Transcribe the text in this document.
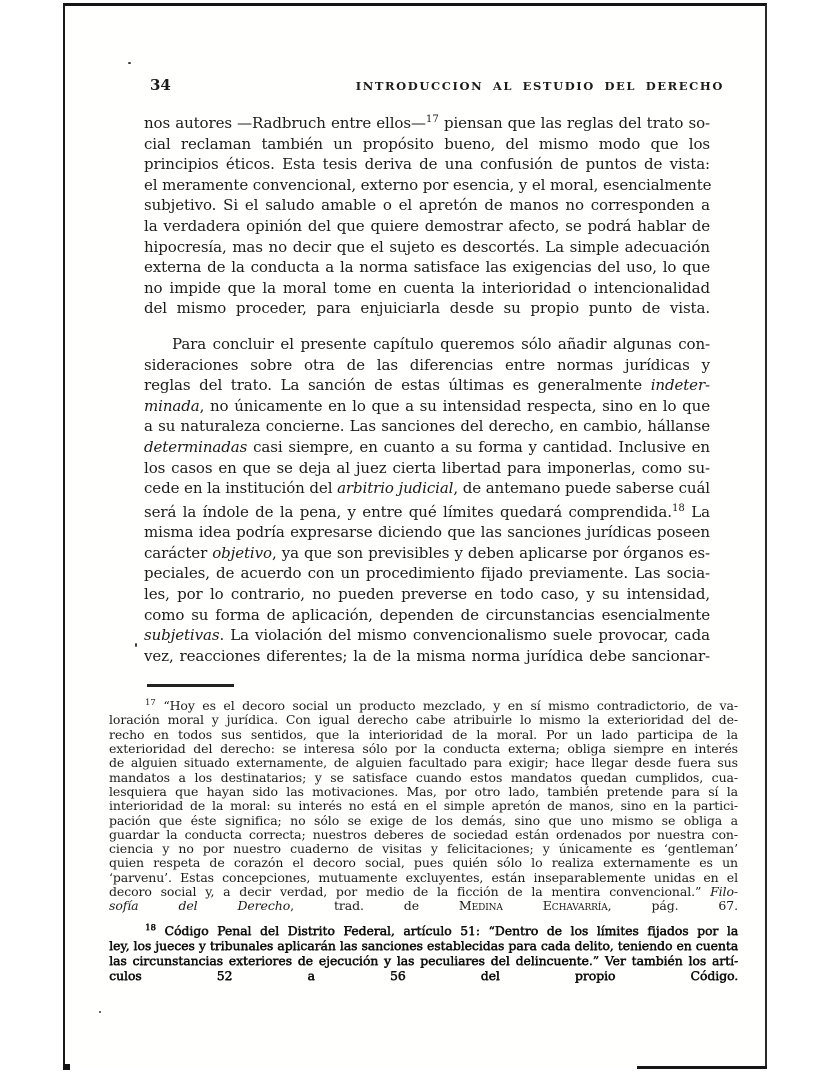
34	INTRODUCCION AL ESTUDIO DEL DERECHO
nos autores —Radbruch entre ellos—$^{17}$ piensan que las reglas del trato so-
cial reclaman también un propósito bueno, del mismo modo que los
principios éticos. Esta tesis deriva de una confusión de puntos de vista:
el meramente convencional, externo por esencia, y el moral, esencialmente
subjetivo. Si el saludo amable o el apretón de manos no corresponden a
la verdadera opinión del que quiere demostrar afecto, se podrá hablar de
hipocresía, mas no decir que el sujeto es descortés. La simple adecuación
externa de la conducta a la norma satisface las exigencias del uso, lo que
no impide que la moral tome en cuenta la interioridad o intencionalidad
del mismo proceder, para enjuiciarla desde su propio punto de vista.
Para concluir el presente capítulo queremos sólo añadir algunas con-
sideraciones sobre otra de las diferencias entre normas jurídicas y
reglas del trato. La sanción de estas últimas es generalmente indeter-
minada, no únicamente en lo que a su intensidad respecta, sino en lo que
a su naturaleza concierne. Las sanciones del derecho, en cambio, hállanse
determinadas casi siempre, en cuanto a su forma y cantidad. Inclusive en
los casos en que se deja al juez cierta libertad para imponerlas, como su-
cede en la institución del arbitrio judicial, de antemano puede saberse cuál
será la índole de la pena, y entre qué límites quedará comprendida.$^{18}$ La
misma idea podría expresarse diciendo que las sanciones jurídicas poseen
carácter objetivo, ya que son previsibles y deben aplicarse por órganos es-
peciales, de acuerdo con un procedimiento fijado previamente. Las socia-
les, por lo contrario, no pueden preverse en todo caso, y su intensidad,
como su forma de aplicación, dependen de circunstancias esencialmente
subjetivas. La violación del mismo convencionalismo suele provocar, cada
vez, reacciones diferentes; la de la misma norma jurídica debe sancionar-
$^{17}$ “Hoy es el decoro social un producto mezclado, y en sí mismo contradictorio, de va-
loración moral y jurídica. Con igual derecho cabe atribuirle lo mismo la exterioridad del de-
recho en todos sus sentidos, que la interioridad de la moral. Por un lado participa de la
exterioridad del derecho: se interesa sólo por la conducta externa; obliga siempre en interés
de alguien situado externamente, de alguien facultado para exigir; hace llegar desde fuera sus
mandatos a los destinatarios; y se satisface cuando estos mandatos quedan cumplidos, cua-
lesquiera que hayan sido las motivaciones. Mas, por otro lado, también pretende para sí la
interioridad de la moral: su interés no está en el simple apretón de manos, sino en la partici-
pación que éste significa; no sólo se exige de los demás, sino que uno mismo se obliga a
guardar la conducta correcta; nuestros deberes de sociedad están ordenados por nuestra con-
ciencia y no por nuestro cuaderno de visitas y felicitaciones; y únicamente es ‘gentleman’
quien respeta de corazón el decoro social, pues quién sólo lo realiza externamente es un
‘parvenu’. Estas concepciones, mutuamente excluyentes, están inseparablemente unidas en el
decoro social y, a decir verdad, por medio de la ficción de la mentira convencional.” Filo-
sofía del Derecho, trad. de Medina Echavarría, pág. 67.
$^{18}$ Código Penal del Distrito Federal, artículo 51: “Dentro de los límites fijados por la
ley, los jueces y tribunales aplicarán las sanciones establecidas para cada delito, teniendo en cuenta
las circunstancias exteriores de ejecución y las peculiares del delincuente.” Ver también los artí-
culos 52 a 56 del propio Código.
